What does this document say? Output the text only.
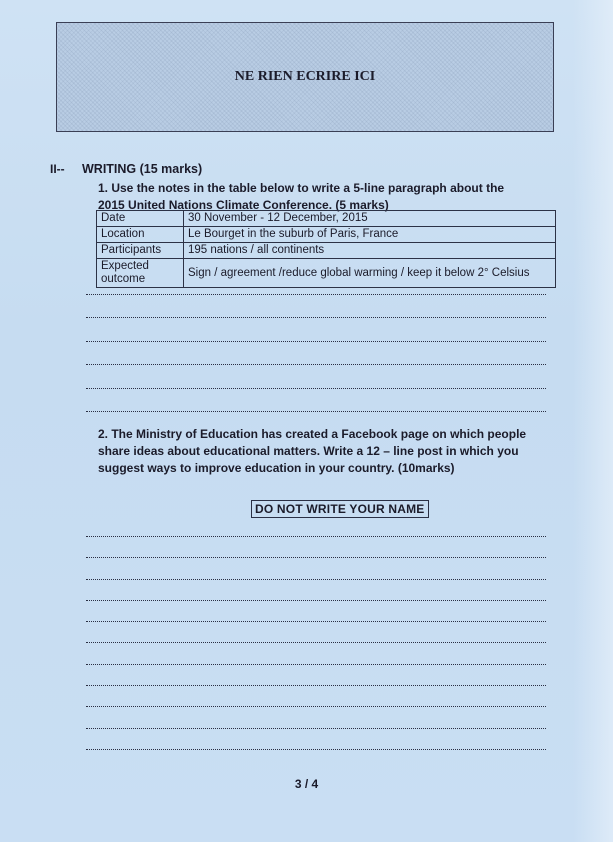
NE RIEN ECRIRE ICI
II-- WRITING (15 marks)
1. Use the notes in the table below to write a 5-line paragraph about the 2015 United Nations Climate Conference. (5 marks)
Date	30 November - 12 December, 2015
Location	Le Bourget in the suburb of Paris, France
Participants	195 nations / all continents
Expected outcome	Sign / agreement /reduce global warming / keep it below 2° Celsius
2. The Ministry of Education has created a Facebook page on which people share ideas about educational matters. Write a 12 – line post in which you suggest ways to improve education in your country. (10marks)
DO NOT WRITE YOUR NAME
3 / 4
